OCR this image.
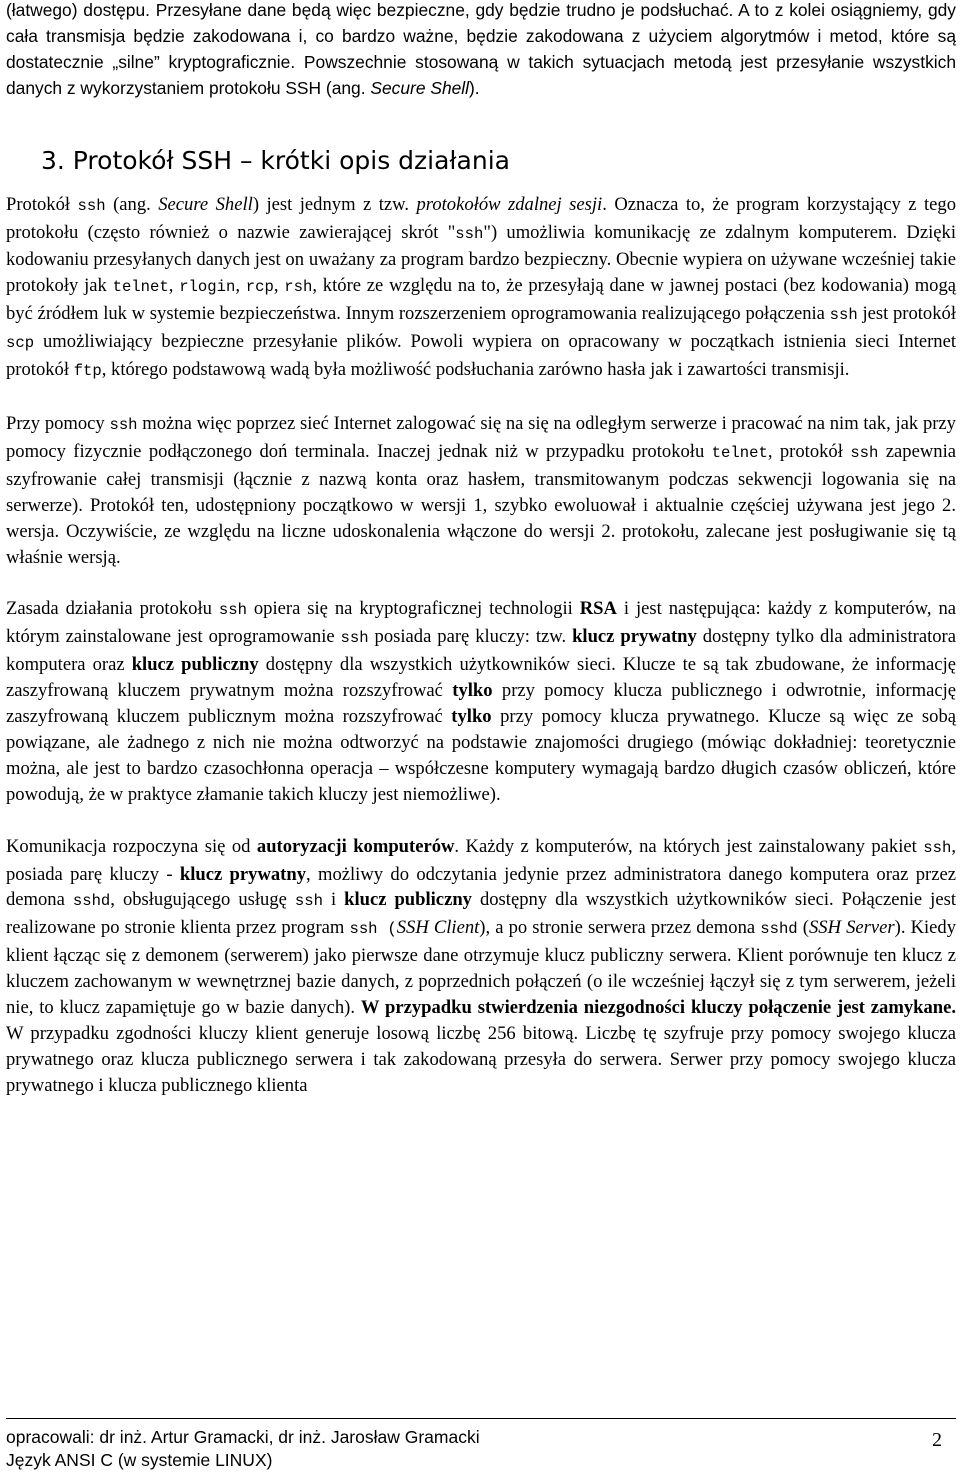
(łatwego) dostępu. Przesyłane dane będą więc bezpieczne, gdy będzie trudno je podsłuchać. A to z kolei osiągniemy, gdy cała transmisja będzie zakodowana i, co bardzo ważne, będzie zakodowana z użyciem algorytmów i metod, które są dostatecznie „silne” kryptograficznie. Powszechnie stosowaną w takich sytuacjach metodą jest przesyłanie wszystkich danych z wykorzystaniem protokołu SSH (ang. Secure Shell).

3. Protokół SSH – krótki opis działania

Protokół ssh (ang. Secure Shell) jest jednym z tzw. protokołów zdalnej sesji. Oznacza to, że program korzystający z tego protokołu (często również o nazwie zawierającej skrót "ssh") umożliwia komunikację ze zdalnym komputerem. Dzięki kodowaniu przesyłanych danych jest on uważany za program bardzo bezpieczny. Obecnie wypiera on używane wcześniej takie protokoły jak telnet, rlogin, rcp, rsh, które ze względu na to, że przesyłają dane w jawnej postaci (bez kodowania) mogą być źródłem luk w systemie bezpieczeństwa. Innym rozszerzeniem oprogramowania realizującego połączenia ssh jest protokół scp umożliwiający bezpieczne przesyłanie plików. Powoli wypiera on opracowany w początkach istnienia sieci Internet protokół ftp, którego podstawową wadą była możliwość podsłuchania zarówno hasła jak i zawartości transmisji.

Przy pomocy ssh można więc poprzez sieć Internet zalogować się na się na odległym serwerze i pracować na nim tak, jak przy pomocy fizycznie podłączonego doń terminala. Inaczej jednak niż w przypadku protokołu telnet, protokół ssh zapewnia szyfrowanie całej transmisji (łącznie z nazwą konta oraz hasłem, transmitowanym podczas sekwencji logowania się na serwerze). Protokół ten, udostępniony początkowo w wersji 1, szybko ewoluował i aktualnie częściej używana jest jego 2. wersja. Oczywiście, ze względu na liczne udoskonalenia włączone do wersji 2. protokołu, zalecane jest posługiwanie się tą właśnie wersją.

Zasada działania protokołu ssh opiera się na kryptograficznej technologii RSA i jest następująca: każdy z komputerów, na którym zainstalowane jest oprogramowanie ssh posiada parę kluczy: tzw. klucz prywatny dostępny tylko dla administratora komputera oraz klucz publiczny dostępny dla wszystkich użytkowników sieci. Klucze te są tak zbudowane, że informację zaszyfrowaną kluczem prywatnym można rozszyfrować tylko przy pomocy klucza publicznego i odwrotnie, informację zaszyfrowaną kluczem publicznym można rozszyfrować tylko przy pomocy klucza prywatnego. Klucze są więc ze sobą powiązane, ale żadnego z nich nie można odtworzyć na podstawie znajomości drugiego (mówiąc dokładniej: teoretycznie można, ale jest to bardzo czasochłonna operacja – współczesne komputery wymagają bardzo długich czasów obliczeń, które powodują, że w praktyce złamanie takich kluczy jest niemożliwe).

Komunikacja rozpoczyna się od autoryzacji komputerów. Każdy z komputerów, na których jest zainstalowany pakiet ssh, posiada parę kluczy - klucz prywatny, możliwy do odczytania jedynie przez administratora danego komputera oraz przez demona sshd, obsługującego usługę ssh i klucz publiczny dostępny dla wszystkich użytkowników sieci. Połączenie jest realizowane po stronie klienta przez program ssh (SSH Client), a po stronie serwera przez demona sshd (SSH Server). Kiedy klient łącząc się z demonem (serwerem) jako pierwsze dane otrzymuje klucz publiczny serwera. Klient porównuje ten klucz z kluczem zachowanym w wewnętrznej bazie danych, z poprzednich połączeń (o ile wcześniej łączył się z tym serwerem, jeżeli nie, to klucz zapamiętuje go w bazie danych). W przypadku stwierdzenia niezgodności kluczy połączenie jest zamykane. W przypadku zgodności kluczy klient generuje losową liczbę 256 bitową. Liczbę tę szyfruje przy pomocy swojego klucza prywatnego oraz klucza publicznego serwera i tak zakodowaną przesyła do serwera. Serwer przy pomocy swojego klucza prywatnego i klucza publicznego klienta

opracowali: dr inż. Artur Gramacki, dr inż. Jarosław Gramacki
Język ANSI C (w systemie LINUX)
2
